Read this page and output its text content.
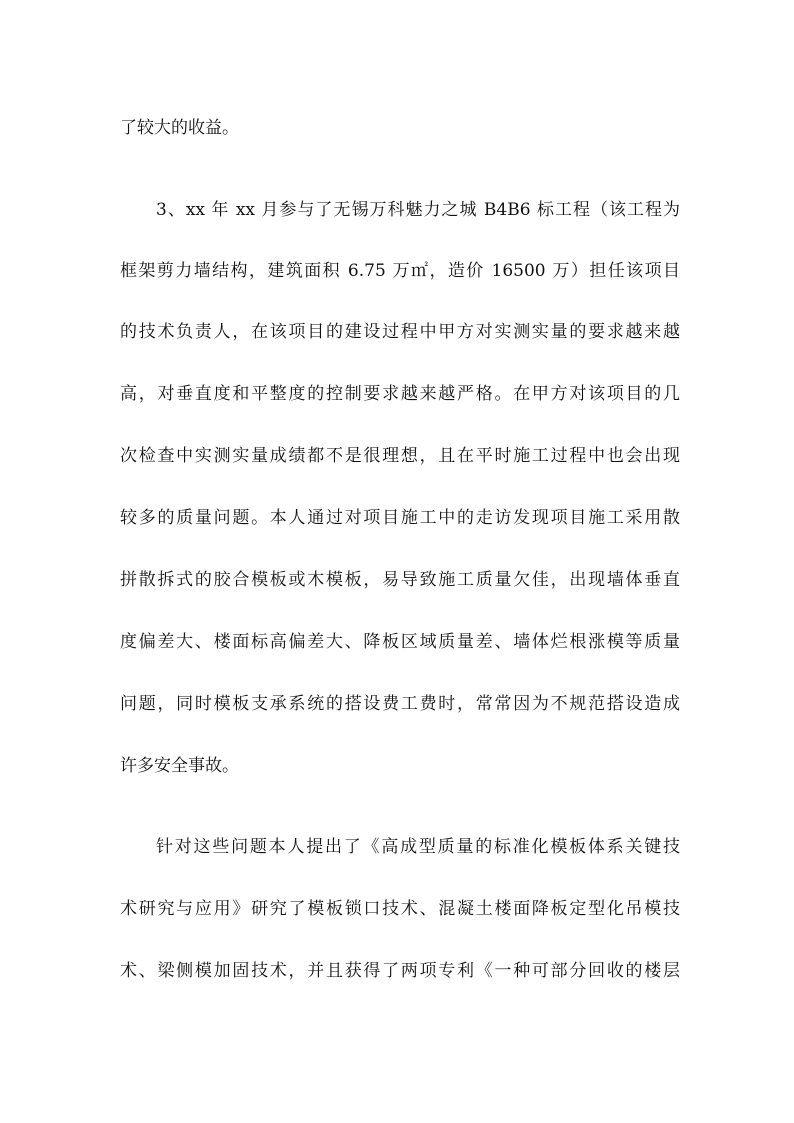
了较大的收益。
3、xx 年 xx 月参与了无锡万科魅力之城 B4B6 标工程（该工程为
框架剪力墙结构，建筑面积 6.75 万㎡，造价 16500 万）担任该项目
的技术负责人，在该项目的建设过程中甲方对实测实量的要求越来越
高，对垂直度和平整度的控制要求越来越严格。在甲方对该项目的几
次检查中实测实量成绩都不是很理想，且在平时施工过程中也会出现
较多的质量问题。本人通过对项目施工中的走访发现项目施工采用散
拼散拆式的胶合模板或木模板，易导致施工质量欠佳，出现墙体垂直
度偏差大、楼面标高偏差大、降板区域质量差、墙体烂根涨模等质量
问题，同时模板支承系统的搭设费工费时，常常因为不规范搭设造成
许多安全事故。
针对这些问题本人提出了《高成型质量的标准化模板体系关键技
术研究与应用》研究了模板锁口技术、混凝土楼面降板定型化吊模技
术、梁侧模加固技术，并且获得了两项专利《一种可部分回收的楼层
